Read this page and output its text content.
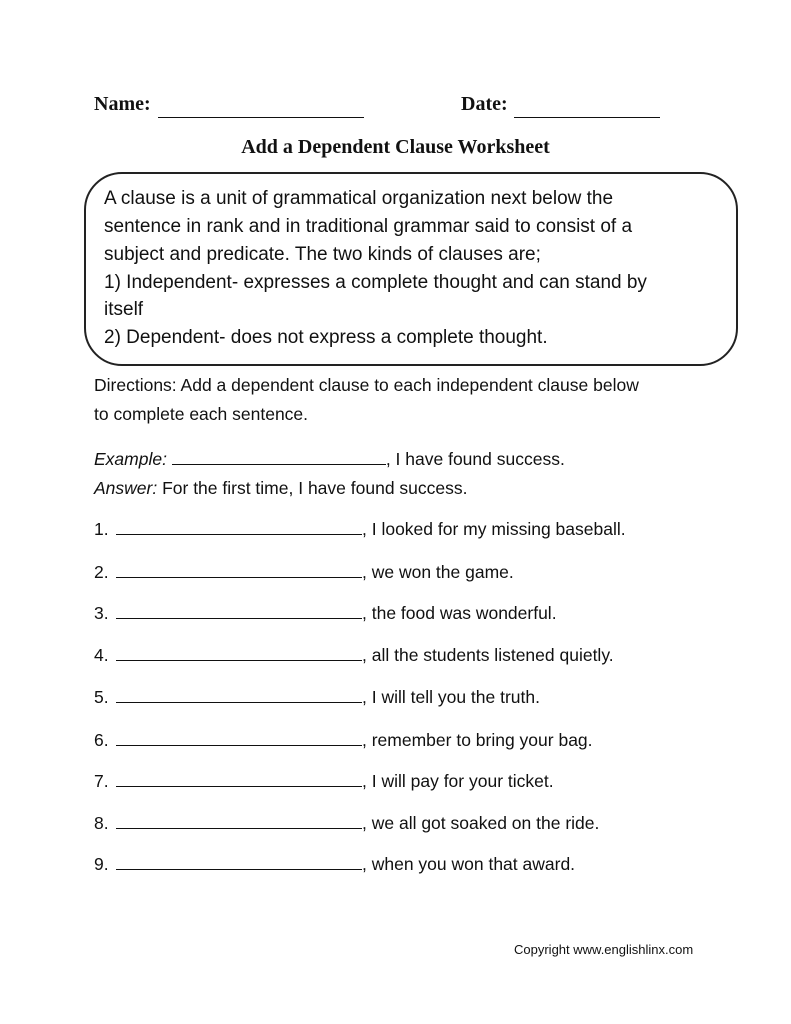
Name:	Date:
Add a Dependent Clause Worksheet
A clause is a unit of grammatical organization next below the
sentence in rank and in traditional grammar said to consist of a
subject and predicate. The two kinds of clauses are;
1) Independent- expresses a complete thought and can stand by
itself
2) Dependent- does not express a complete thought.
Directions: Add a dependent clause to each independent clause below
to complete each sentence.
Example:	, I have found success.
Answer: For the first time, I have found success.
1.	, I looked for my missing baseball.
2.	, we won the game.
3.	, the food was wonderful.
4.	, all the students listened quietly.
5.	, I will tell you the truth.
6.	, remember to bring your bag.
7.	, I will pay for your ticket.
8.	, we all got soaked on the ride.
9.	, when you won that award.
Copyright www.englishlinx.com
